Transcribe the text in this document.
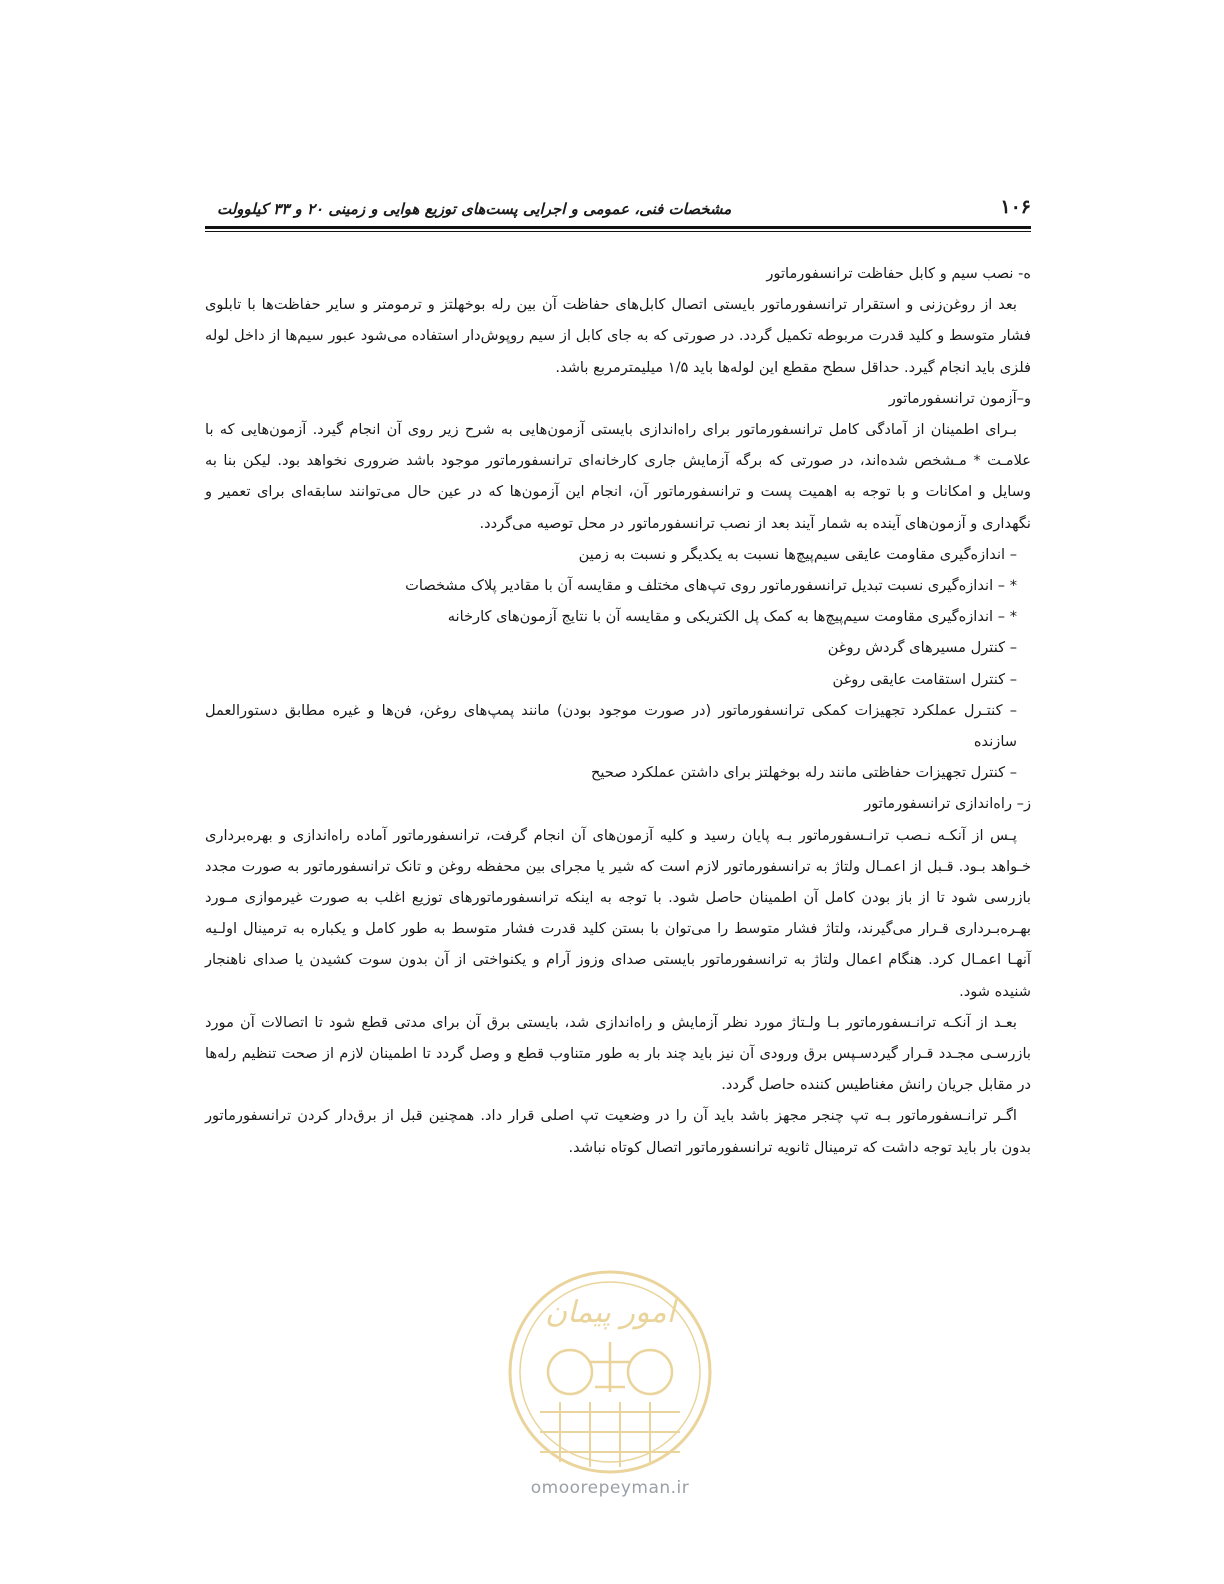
۱۰۶
مشخصات فنی، عمومی و اجرایی پست‌های توزیع هوایی و زمینی ۲۰ و ۳۳ کیلوولت

ه- نصب سیم و کابل حفاظت ترانسفورماتور

بعد از روغن‌زنی و استقرار ترانسفورماتور بایستی اتصال کابل‌های حفاظت آن بین رله بوخهلتز و ترمومتر و سایر حفاظت‌ها با تابلوی فشار متوسط و کلید قدرت مربوطه تکمیل گردد. در صورتی که به جای کابل از سیم روپوش‌دار استفاده می‌شود عبور سیم‌ها از داخل لوله فلزی باید انجام گیرد. حداقل سطح مقطع این لوله‌ها باید ۱/۵ میلیمترمربع باشد.

و–آزمون ترانسفورماتور

بـرای اطمینان از آمادگی کامل ترانسفورماتور برای راه‌اندازی بایستی آزمون‌هایی به شرح زیر روی آن انجام گیرد. آزمون‌هایی که با علامـت * مـشخص شده‌اند، در صورتی که برگه آزمایش جاری کارخانه‌ای ترانسفورماتور موجود باشد ضروری نخواهد بود. لیکن بنا به وسایل و امکانات و با توجه به اهمیت پست و ترانسفورماتور آن، انجام این آزمون‌ها که در عین حال می‌توانند سابقه‌ای برای تعمیر و نگهداری و آزمون‌های آینده به شمار آیند بعد از نصب ترانسفورماتور در محل توصیه می‌گردد.

– اندازه‌گیری مقاومت عایقی سیم‌پیچ‌ها نسبت به یکدیگر و نسبت به زمین

* – اندازه‌گیری نسبت تبدیل ترانسفورماتور روی تپ‌های مختلف و مقایسه آن با مقادیر پلاک مشخصات

* – اندازه‌گیری مقاومت سیم‌پیچ‌ها به کمک پل الکتریکی و مقایسه آن با نتایج آزمون‌های کارخانه

– کنترل مسیرهای گردش روغن

– کنترل استقامت عایقی روغن

– کنتـرل عملکرد تجهیزات کمکی ترانسفورماتور (در صورت موجود بودن) مانند پمپ‌های روغن، فن‌ها و غیره مطابق دستورالعمل سازنده

– کنترل تجهیزات حفاظتی مانند رله بوخهلتز برای داشتن عملکرد صحیح

ز– راه‌اندازی ترانسفورماتور

پـس از آنکـه نـصب ترانـسفورماتور بـه پایان رسید و کلیه آزمون‌های آن انجام گرفت، ترانسفورماتور آماده راه‌اندازی و بهره‌برداری خـواهد بـود. قـبل از اعمـال ولتاژ به ترانسفورماتور لازم است که شیر یا مجرای بین محفظه روغن و تانک ترانسفورماتور به صورت مجدد بازرسی شود تا از باز بودن کامل آن اطمینان حاصل شود. با توجه به اینکه ترانسفورماتورهای توزیع اغلب به صورت غیرموازی مـورد بهـره‌بـرداری قـرار می‌گیرند، ولتاژ فشار متوسط را می‌توان با بستن کلید قدرت فشار متوسط به طور کامل و یکباره به ترمینال اولـیه آنهـا اعمـال کرد. هنگام اعمال ولتاژ به ترانسفورماتور بایستی صدای وزوز آرام و یکنواختی از آن بدون سوت کشیدن یا صدای ناهنجار شنیده شود.

بعـد از آنکـه ترانـسفورماتور بـا ولـتاژ مورد نظر آزمایش و راه‌اندازی شد، بایستی برق آن برای مدتی قطع شود تا اتصالات آن مورد بازرسـی مجـدد قـرار گیردسـپس برق ورودی آن نیز باید چند بار به طور متناوب قطع و وصل گردد تا اطمینان لازم از صحت تنظیم رله‌ها در مقابل جریان رانش مغناطیس کننده حاصل گردد.

اگـر ترانـسفورماتور بـه تپ چنجر مجهز باشد باید آن را در وضعیت تپ اصلی قرار داد. همچنین قبل از برق‌دار کردن ترانسفورماتور بدون بار باید توجه داشت که ترمینال ثانویه ترانسفورماتور اتصال کوتاه نباشد.

امور پیمان
omoorepeyman.ir
